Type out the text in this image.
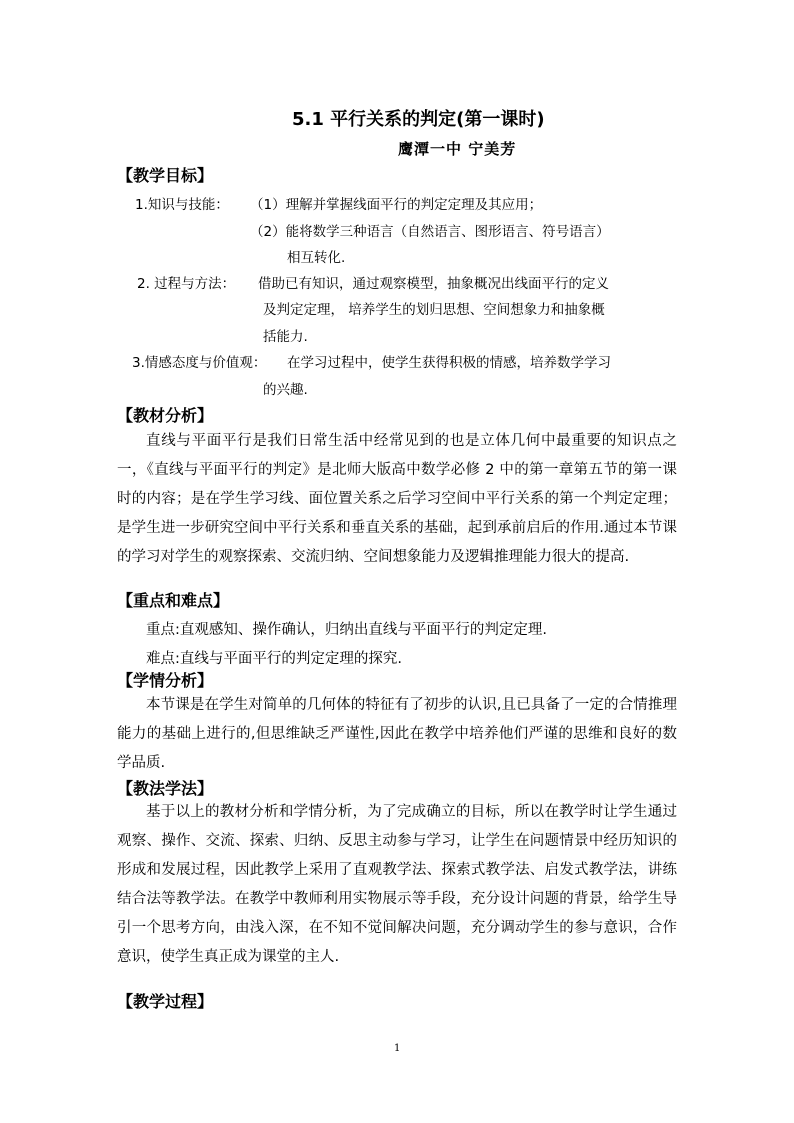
5.1 平行关系的判定(第一课时)
鹰潭一中 宁美芳
【教学目标】
1.知识与技能： （1）理解并掌握线面平行的判定定理及其应用；
（2）能将数学三种语言（自然语言、图形语言、符号语言）
相互转化.
2. 过程与方法： 借助已有知识，通过观察模型，抽象概况出线面平行的定义
及判定定理， 培养学生的划归思想、空间想象力和抽象概
括能力.
3.情感态度与价值观： 在学习过程中，使学生获得积极的情感，培养数学学习
的兴趣.
【教材分析】
直线与平面平行是我们日常生活中经常见到的也是立体几何中最重要的知识点之一，《直线与平面平行的判定》是北师大版高中数学必修 2 中的第一章第五节的第一课时的内容；是在学生学习线、面位置关系之后学习空间中平行关系的第一个判定定理；是学生进一步研究空间中平行关系和垂直关系的基础，起到承前启后的作用.通过本节课的学习对学生的观察探索、交流归纳、空间想象能力及逻辑推理能力很大的提高.
【重点和难点】
重点:直观感知、操作确认，归纳出直线与平面平行的判定定理.
难点:直线与平面平行的判定定理的探究.
【学情分析】
本节课是在学生对简单的几何体的特征有了初步的认识,且已具备了一定的合情推理能力的基础上进行的,但思维缺乏严谨性,因此在教学中培养他们严谨的思维和良好的数学品质.
【教法学法】
基于以上的教材分析和学情分析，为了完成确立的目标，所以在教学时让学生通过观察、操作、交流、探索、归纳、反思主动参与学习，让学生在问题情景中经历知识的形成和发展过程，因此教学上采用了直观教学法、探索式教学法、启发式教学法，讲练结合法等教学法。在教学中教师利用实物展示等手段，充分设计问题的背景，给学生导引一个思考方向，由浅入深，在不知不觉间解决问题，充分调动学生的参与意识，合作意识，使学生真正成为课堂的主人.
【教学过程】
1
